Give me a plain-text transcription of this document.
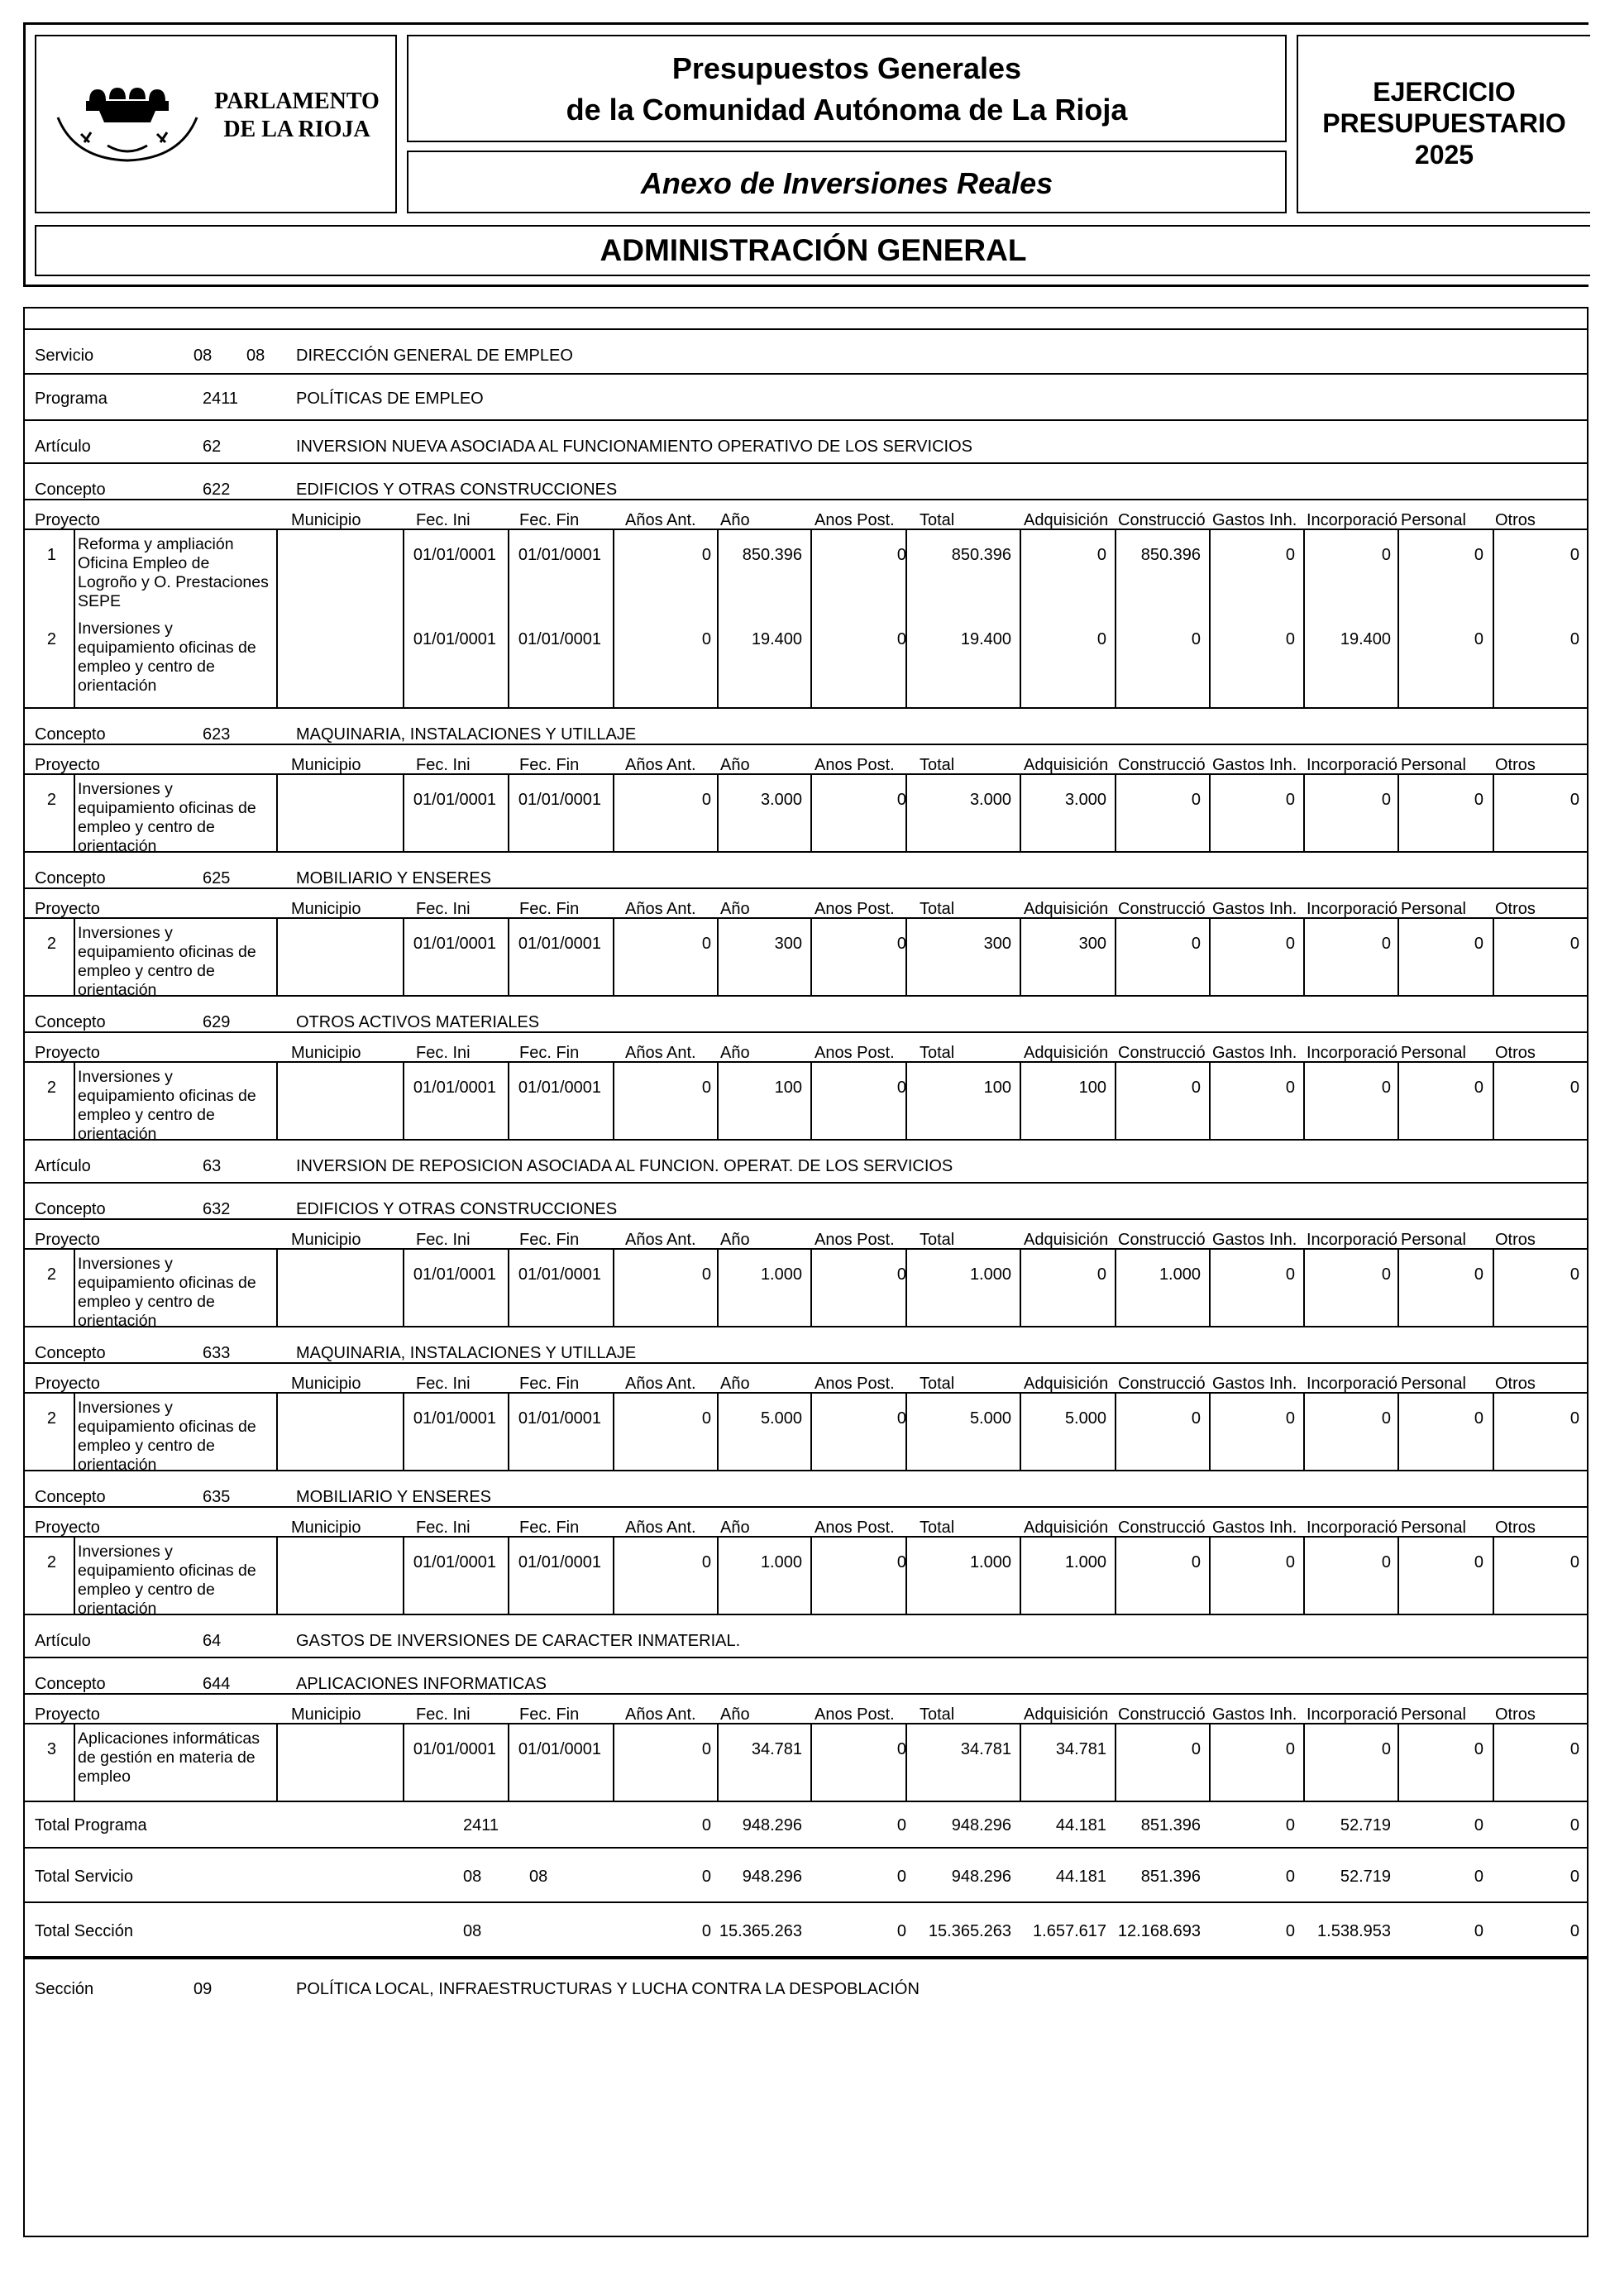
PARLAMENTO
DE LA RIOJA
Presupuestos Generales
de la Comunidad Autónoma de La Rioja
Anexo de Inversiones Reales
EJERCICIO
PRESUPUESTARIO
2025
ADMINISTRACIÓN GENERAL
Servicio	08 08 DIRECCIÓN GENERAL DE EMPLEO
Programa	2411	POLÍTICAS DE EMPLEO
Artículo	62	INVERSION NUEVA ASOCIADA AL FUNCIONAMIENTO OPERATIVO DE LOS SERVICIOS
Concepto	622	EDIFICIOS Y OTRAS CONSTRUCCIONES
Proyecto	Municipio	Fec. Ini	Fec. Fin	Años Ant. Año	Anos Post. Total	Adquisición Construcció Gastos Inh. Incorporació Personal Otros
1
Reforma y ampliación Oficina Empleo de Logroño y O. Prestaciones SEPE
01/01/0001	01/01/0001	0	850.396	0	850.396	0	850.396	0	0	0	0
2
Inversiones y equipamiento oficinas de empleo y centro de orientación
01/01/0001	01/01/0001	0	19.400	0	19.400	0	0	0	19.400	0	0
Concepto	623	MAQUINARIA, INSTALACIONES Y UTILLAJE
Proyecto	Municipio	Fec. Ini	Fec. Fin	Años Ant. Año	Anos Post. Total	Adquisición Construcció Gastos Inh. Incorporació Personal Otros
2
Inversiones y equipamiento oficinas de empleo y centro de orientación
01/01/0001	01/01/0001	0	3.000	0	3.000	3.000	0	0	0	0	0
Concepto	625	MOBILIARIO Y ENSERES
Proyecto	Municipio	Fec. Ini	Fec. Fin	Años Ant. Año	Anos Post. Total	Adquisición Construcció Gastos Inh. Incorporació Personal Otros
2
Inversiones y equipamiento oficinas de empleo y centro de orientación
01/01/0001	01/01/0001	0	300	0	300	300	0	0	0	0	0
Concepto	629	OTROS ACTIVOS MATERIALES
Proyecto	Municipio	Fec. Ini	Fec. Fin	Años Ant. Año	Anos Post. Total	Adquisición Construcció Gastos Inh. Incorporació Personal Otros
2
Inversiones y equipamiento oficinas de empleo y centro de orientación
01/01/0001	01/01/0001	0	100	0	100	100	0	0	0	0	0
Artículo	63	INVERSION DE REPOSICION ASOCIADA AL FUNCION. OPERAT. DE LOS SERVICIOS
Concepto	632	EDIFICIOS Y OTRAS CONSTRUCCIONES
Proyecto	Municipio	Fec. Ini	Fec. Fin	Años Ant. Año	Anos Post. Total	Adquisición Construcció Gastos Inh. Incorporació Personal Otros
2
Inversiones y equipamiento oficinas de empleo y centro de orientación
01/01/0001	01/01/0001	0	1.000	0	1.000	0	1.000	0	0	0	0
Concepto	633	MAQUINARIA, INSTALACIONES Y UTILLAJE
Proyecto	Municipio	Fec. Ini	Fec. Fin	Años Ant. Año	Anos Post. Total	Adquisición Construcció Gastos Inh. Incorporació Personal Otros
2
Inversiones y equipamiento oficinas de empleo y centro de orientación
01/01/0001	01/01/0001	0	5.000	0	5.000	5.000	0	0	0	0	0
Concepto	635	MOBILIARIO Y ENSERES
Proyecto	Municipio	Fec. Ini	Fec. Fin	Años Ant. Año	Anos Post. Total	Adquisición Construcció Gastos Inh. Incorporació Personal Otros
2
Inversiones y equipamiento oficinas de empleo y centro de orientación
01/01/0001	01/01/0001	0	1.000	0	1.000	1.000	0	0	0	0	0
Artículo	64	GASTOS DE INVERSIONES DE CARACTER INMATERIAL.
Concepto	644	APLICACIONES INFORMATICAS
Proyecto	Municipio	Fec. Ini	Fec. Fin	Años Ant. Año	Anos Post. Total	Adquisición Construcció Gastos Inh. Incorporació Personal Otros
3
Aplicaciones informáticas de gestión en materia de empleo
01/01/0001	01/01/0001	0	34.781	0	34.781	34.781	0	0	0	0	0
Total Programa	2411	0	948.296	0	948.296	44.181	851.396	0	52.719	0	0
Total Servicio	08	08	0	948.296	0	948.296	44.181	851.396	0	52.719	0	0
Total Sección	08	0 15.365.263	0	15.365.263	1.657.617 12.168.693	0	1.538.953	0	0
Sección	09	POLÍTICA LOCAL, INFRAESTRUCTURAS Y LUCHA CONTRA LA DESPOBLACIÓN
